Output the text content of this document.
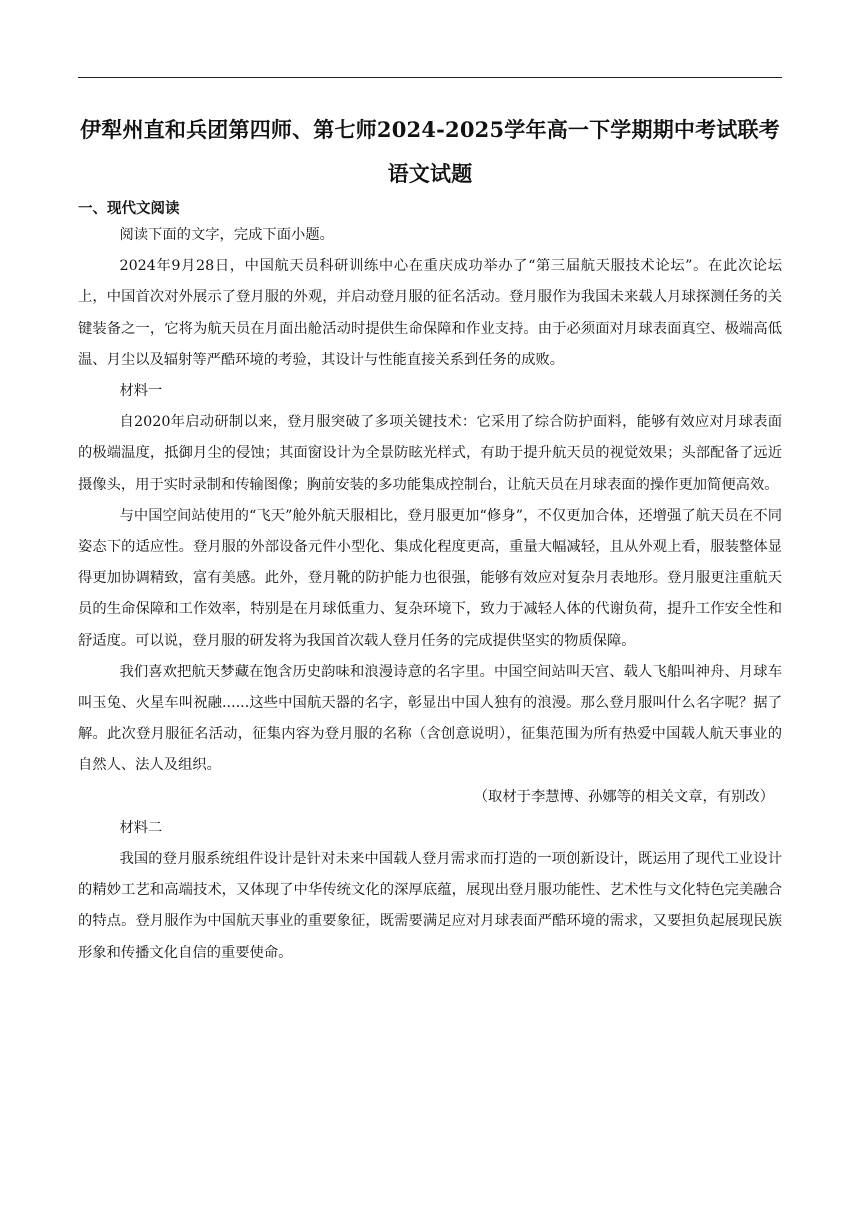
伊犁州直和兵团第四师、第七师2024-2025学年高一下学期期中考试联考
语文试题
一、现代文阅读

阅读下面的文字，完成下面小题。

2024年9月28日，中国航天员科研训练中心在重庆成功举办了“第三届航天服技术论坛”。在此次论坛上，中国首次对外展示了登月服的外观，并启动登月服的征名活动。登月服作为我国未来载人月球探测任务的关键装备之一，它将为航天员在月面出舱活动时提供生命保障和作业支持。由于必须面对月球表面真空、极端高低温、月尘以及辐射等严酷环境的考验，其设计与性能直接关系到任务的成败。

材料一

自2020年启动研制以来，登月服突破了多项关键技术：它采用了综合防护面料，能够有效应对月球表面的极端温度，抵御月尘的侵蚀；其面窗设计为全景防眩光样式，有助于提升航天员的视觉效果；头部配备了远近摄像头，用于实时录制和传输图像；胸前安装的多功能集成控制台，让航天员在月球表面的操作更加简便高效。

与中国空间站使用的“飞天”舱外航天服相比，登月服更加“修身”，不仅更加合体，还增强了航天员在不同姿态下的适应性。登月服的外部设备元件小型化、集成化程度更高，重量大幅减轻，且从外观上看，服装整体显得更加协调精致，富有美感。此外，登月靴的防护能力也很强，能够有效应对复杂月表地形。登月服更注重航天员的生命保障和工作效率，特别是在月球低重力、复杂环境下，致力于减轻人体的代谢负荷，提升工作安全性和舒适度。可以说，登月服的研发将为我国首次载人登月任务的完成提供坚实的物质保障。

我们喜欢把航天梦藏在饱含历史韵味和浪漫诗意的名字里。中国空间站叫天宫、载人飞船叫神舟、月球车叫玉兔、火星车叫祝融......这些中国航天器的名字，彰显出中国人独有的浪漫。那么登月服叫什么名字呢？据了解。此次登月服征名活动，征集内容为登月服的名称（含创意说明），征集范围为所有热爱中国载人航天事业的自然人、法人及组织。

（取材于李慧博、孙娜等的相关文章，有别改）

材料二

我国的登月服系统组件设计是针对未来中国载人登月需求而打造的一项创新设计，既运用了现代工业设计的精妙工艺和高端技术，又体现了中华传统文化的深厚底蕴，展现出登月服功能性、艺术性与文化特色完美融合的特点。登月服作为中国航天事业的重要象征，既需要满足应对月球表面严酷环境的需求，又要担负起展现民族形象和传播文化自信的重要使命。
